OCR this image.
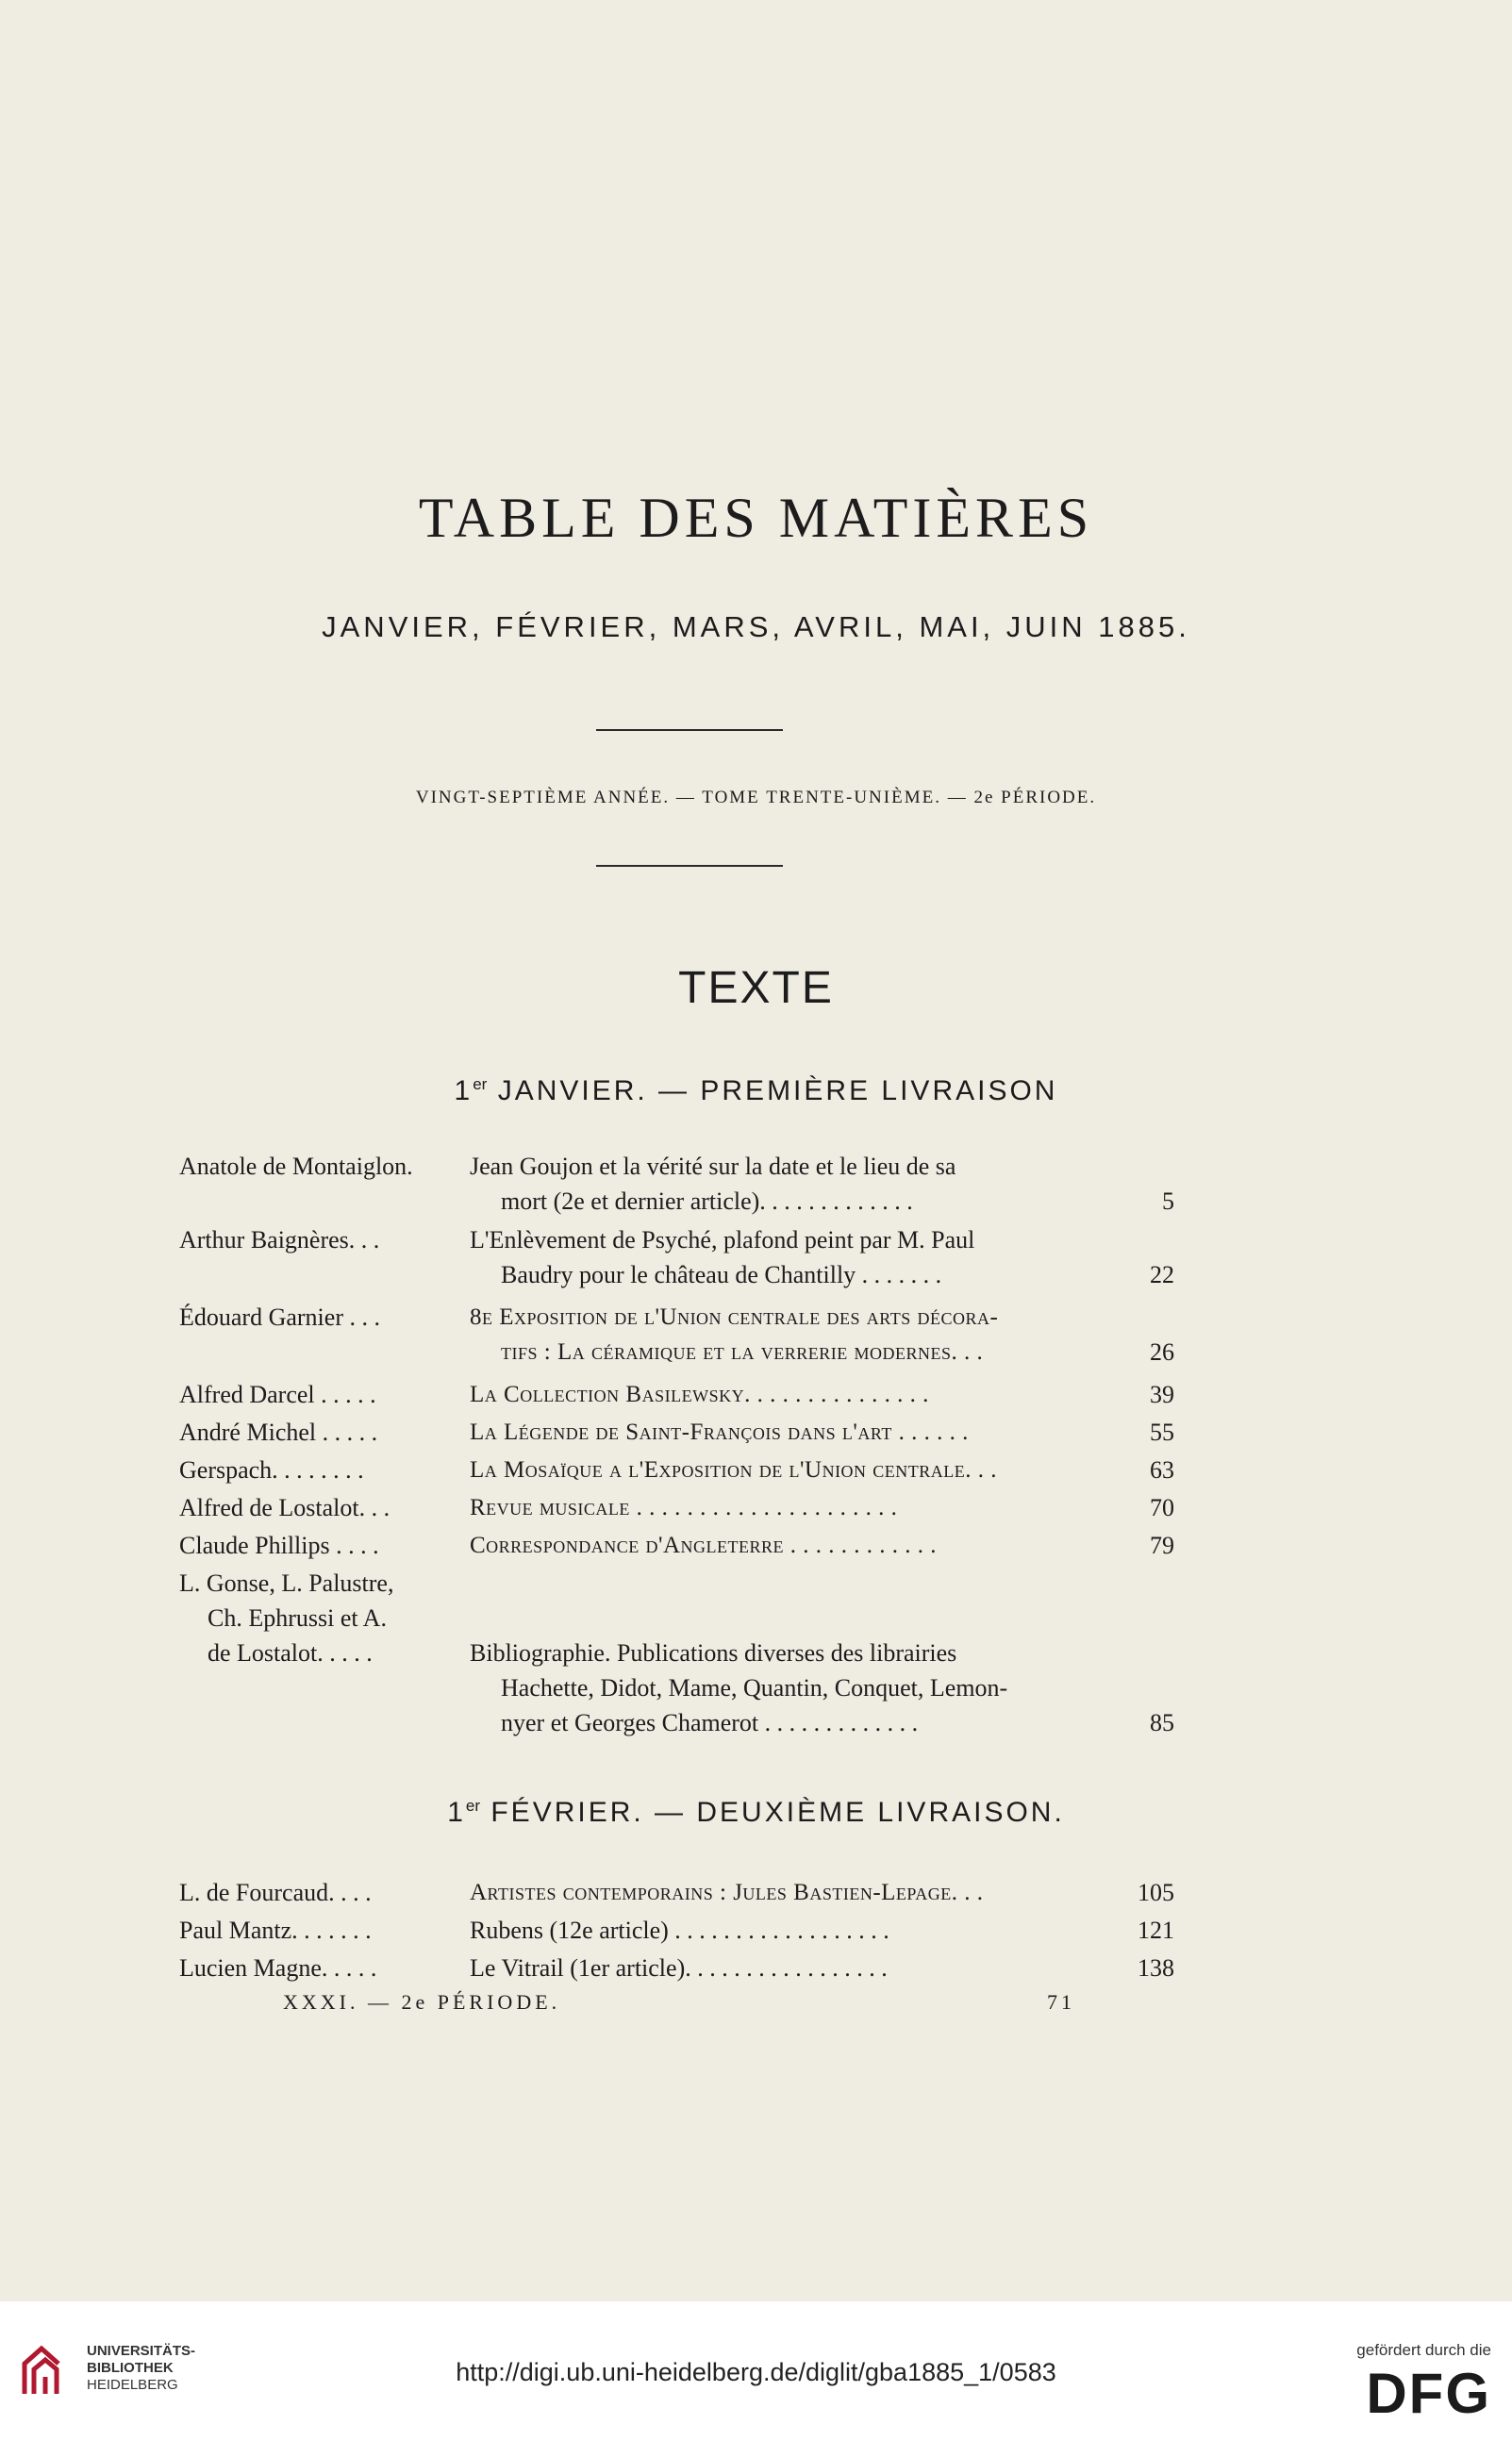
TABLE DES MATIÈRES
JANVIER, FÉVRIER, MARS, AVRIL, MAI, JUIN 1885.
VINGT-SEPTIÈME ANNÉE. — TOME TRENTE-UNIÈME. — 2e PÉRIODE.
TEXTE
1er JANVIER. — PREMIÈRE LIVRAISON
Anatole de Montaiglon.	Jean Goujon et la vérité sur la date et le lieu de sa
mort (2e et dernier article). . . . . . . . . . . . .	5
Arthur Baignères. . .	L'Enlèvement de Psyché, plafond peint par M. Paul
Baudry pour le château de Chantilly . . . . . . .	22
Édouard Garnier . . .	8e Exposition de l'Union centrale des arts décora-
tifs : La céramique et la verrerie modernes. . .	26
Alfred Darcel . . . . .	La Collection Basilewsky. . . . . . . . . . . . . . .	39
André Michel . . . . .	La Légende de Saint-François dans l'art . . . . . .	55
Gerspach. . . . . . . .	La Mosaïque a l'Exposition de l'Union centrale. . .	63
Alfred de Lostalot. . .	Revue musicale . . . . . . . . . . . . . . . . . . . . .	70
Claude Phillips . . . .	Correspondance d'Angleterre . . . . . . . . . . . .	79
L. Gonse, L. Palustre,
Ch. Ephrussi et A.
de Lostalot. . . . .	Bibliographie. Publications diverses des librairies
Hachette, Didot, Mame, Quantin, Conquet, Lemon-
nyer et Georges Chamerot . . . . . . . . . . . . .	85
1er FÉVRIER. — DEUXIÈME LIVRAISON.
L. de Fourcaud. . . .	Artistes contemporains : Jules Bastien-Lepage. . .	105
Paul Mantz. . . . . . .	Rubens (12e article) . . . . . . . . . . . . . . . . . .	121
Lucien Magne. . . . .	Le Vitrail (1er article). . . . . . . . . . . . . . . . .	138
XXXI. — 2e PÉRIODE.	71
UNIVERSITÄTS-
BIBLIOTHEK
HEIDELBERG	http://digi.ub.uni-heidelberg.de/diglit/gba1885_1/0583
gefördert durch die
DFG
